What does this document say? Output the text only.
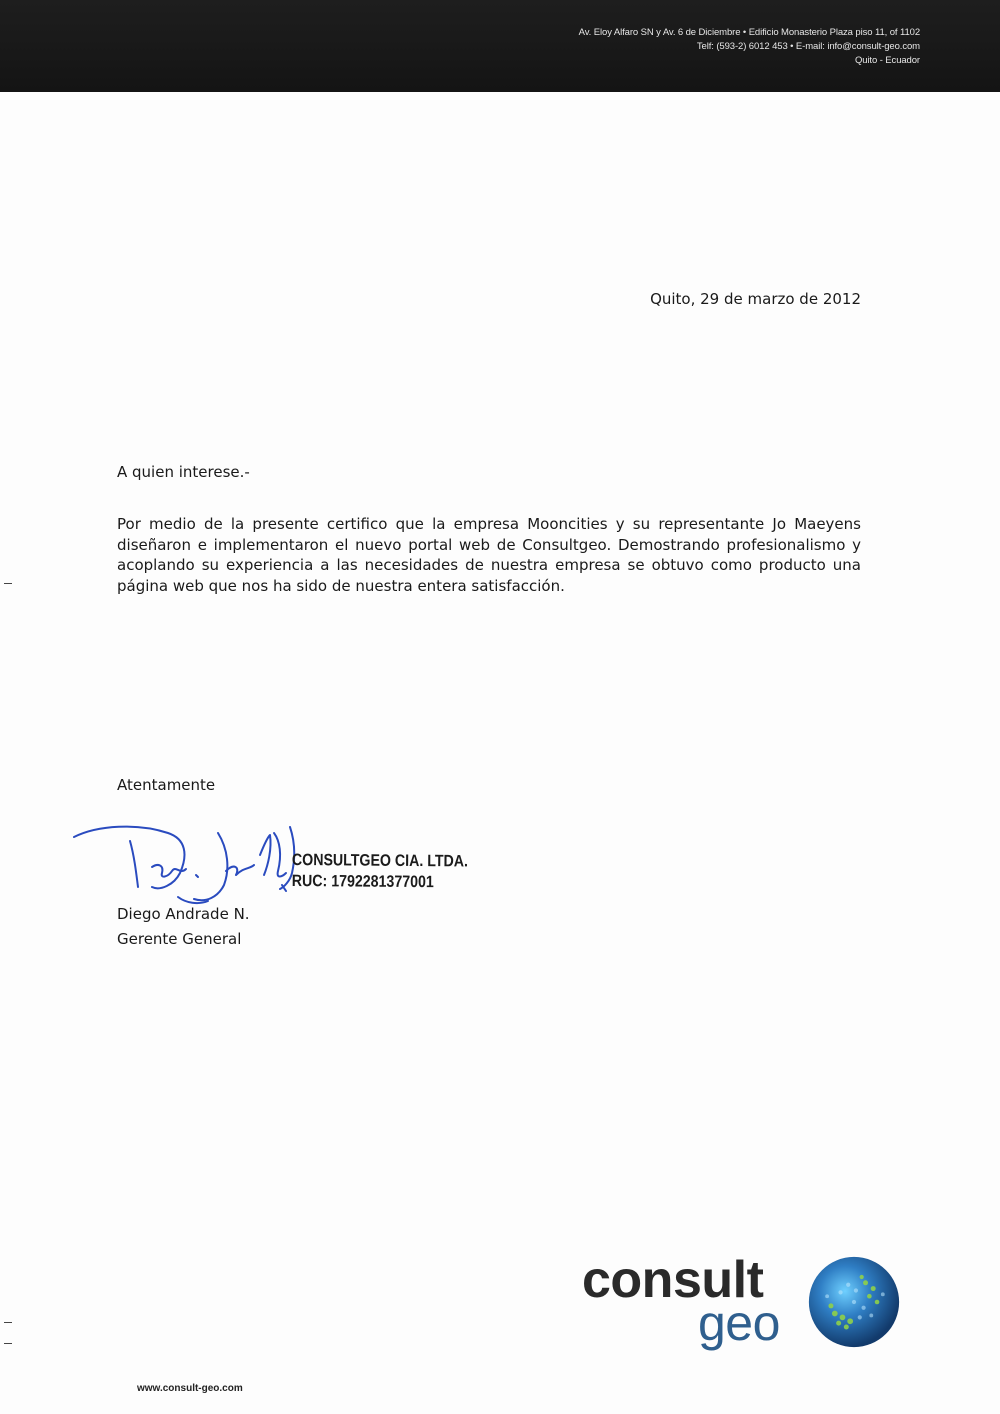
Av. Eloy Alfaro SN y Av. 6 de Diciembre • Edificio Monasterio Plaza piso 11, of 1102
Telf: (593-2) 6012 453 • E-mail: info@consult-geo.com
Quito - Ecuador
Quito, 29 de marzo de 2012
A quien interese.-
Por medio de la presente certifico que la empresa Mooncities y su representante Jo Maeyens
diseñaron e implementaron el nuevo portal web de Consultgeo. Demostrando profesionalismo y
acoplando su experiencia a las necesidades de nuestra empresa se obtuvo como producto una
página web que nos ha sido de nuestra entera satisfacción.
Atentamente
CONSULTGEO CIA. LTDA.
RUC: 1792281377001
Diego Andrade N.
Gerente General
consult
geo
www.consult-geo.com
